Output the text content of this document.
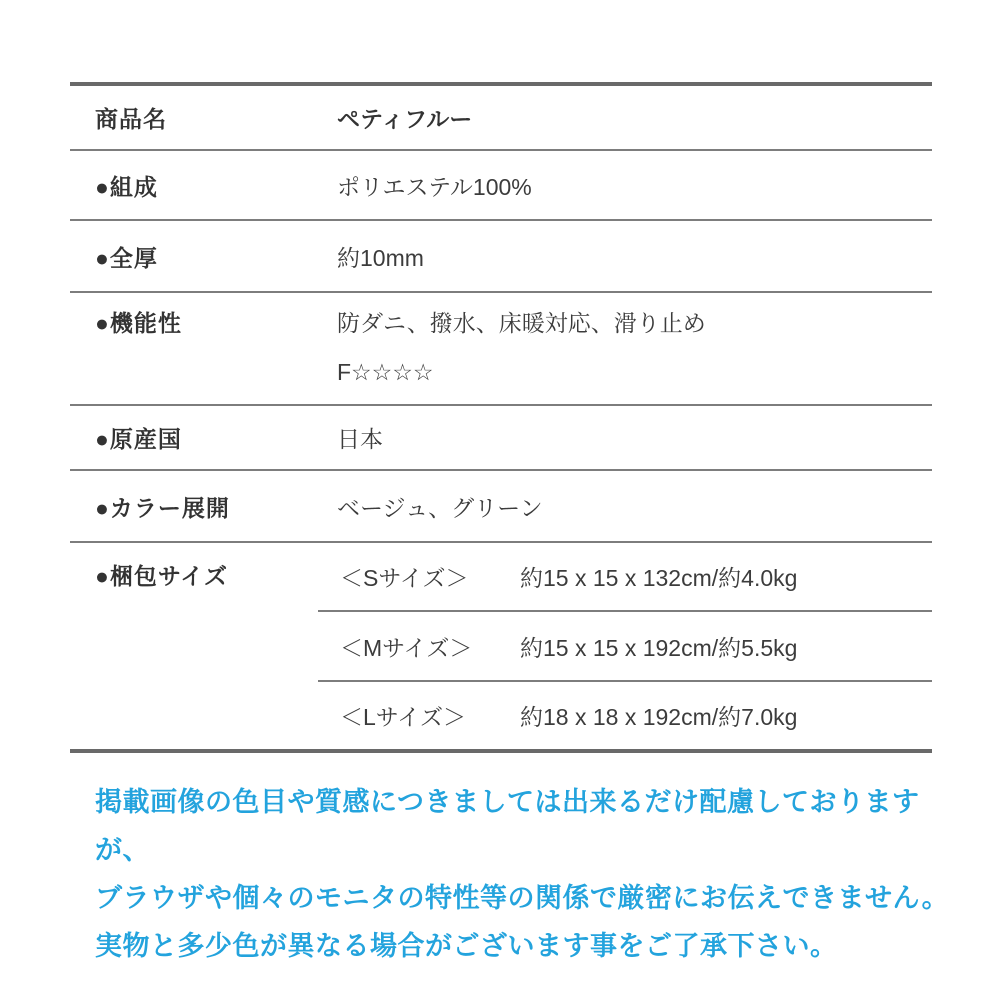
商品名	ペティフルー
●組成	ポリエステル100%
●全厚	約10mm
●機能性	防ダニ、撥水、床暖対応、滑り止め
F☆☆☆☆
●原産国	日本
●カラー展開	ベージュ、グリーン
●梱包サイズ	＜Sサイズ＞	約15 x 15 x 132cm/約4.0kg
＜Mサイズ＞	約15 x 15 x 192cm/約5.5kg
＜Lサイズ＞	約18 x 18 x 192cm/約7.0kg
掲載画像の色目や質感につきましては出来るだけ配慮しておりますが、
ブラウザや個々のモニタの特性等の関係で厳密にお伝えできません。
実物と多少色が異なる場合がございます事をご了承下さい。
